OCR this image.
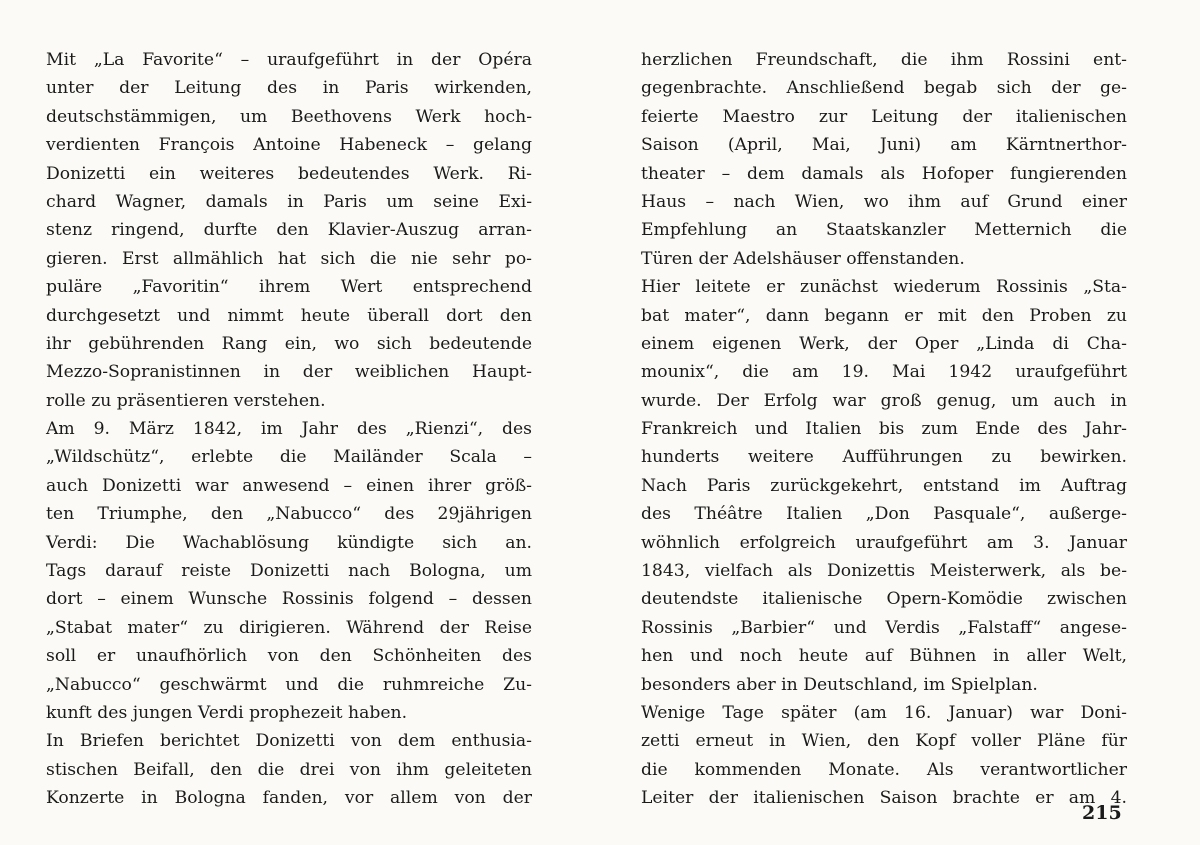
Mit „La Favorite“ – uraufgeführt in der Opéra
unter der Leitung des in Paris wirkenden,
deutschstämmigen, um Beethovens Werk hoch-
verdienten François Antoine Habeneck – gelang
Donizetti ein weiteres bedeutendes Werk. Ri-
chard Wagner, damals in Paris um seine Exi-
stenz ringend, durfte den Klavier-Auszug arran-
gieren. Erst allmählich hat sich die nie sehr po-
puläre „Favoritin“ ihrem Wert entsprechend
durchgesetzt und nimmt heute überall dort den
ihr gebührenden Rang ein, wo sich bedeutende
Mezzo-Sopranistinnen in der weiblichen Haupt-
rolle zu präsentieren verstehen.
Am 9. März 1842, im Jahr des „Rienzi“, des
„Wildschütz“, erlebte die Mailänder Scala –
auch Donizetti war anwesend – einen ihrer größ-
ten Triumphe, den „Nabucco“ des 29jährigen
Verdi: Die Wachablösung kündigte sich an.
Tags darauf reiste Donizetti nach Bologna, um
dort – einem Wunsche Rossinis folgend – dessen
„Stabat mater“ zu dirigieren. Während der Reise
soll er unaufhörlich von den Schönheiten des
„Nabucco“ geschwärmt und die ruhmreiche Zu-
kunft des jungen Verdi prophezeit haben.
In Briefen berichtet Donizetti von dem enthusia-
stischen Beifall, den die drei von ihm geleiteten
Konzerte in Bologna fanden, vor allem von der
herzlichen Freundschaft, die ihm Rossini ent-
gegenbrachte. Anschließend begab sich der ge-
feierte Maestro zur Leitung der italienischen
Saison (April, Mai, Juni) am Kärntnerthor-
theater – dem damals als Hofoper fungierenden
Haus – nach Wien, wo ihm auf Grund einer
Empfehlung an Staatskanzler Metternich die
Türen der Adelshäuser offenstanden.
Hier leitete er zunächst wiederum Rossinis „Sta-
bat mater“, dann begann er mit den Proben zu
einem eigenen Werk, der Oper „Linda di Cha-
mounix“, die am 19. Mai 1942 uraufgeführt
wurde. Der Erfolg war groß genug, um auch in
Frankreich und Italien bis zum Ende des Jahr-
hunderts weitere Aufführungen zu bewirken.
Nach Paris zurückgekehrt, entstand im Auftrag
des Théâtre Italien „Don Pasquale“, außerge-
wöhnlich erfolgreich uraufgeführt am 3. Januar
1843, vielfach als Donizettis Meisterwerk, als be-
deutendste italienische Opern-Komödie zwischen
Rossinis „Barbier“ und Verdis „Falstaff“ angese-
hen und noch heute auf Bühnen in aller Welt,
besonders aber in Deutschland, im Spielplan.
Wenige Tage später (am 16. Januar) war Doni-
zetti erneut in Wien, den Kopf voller Pläne für
die kommenden Monate. Als verantwortlicher
Leiter der italienischen Saison brachte er am 4.
215
